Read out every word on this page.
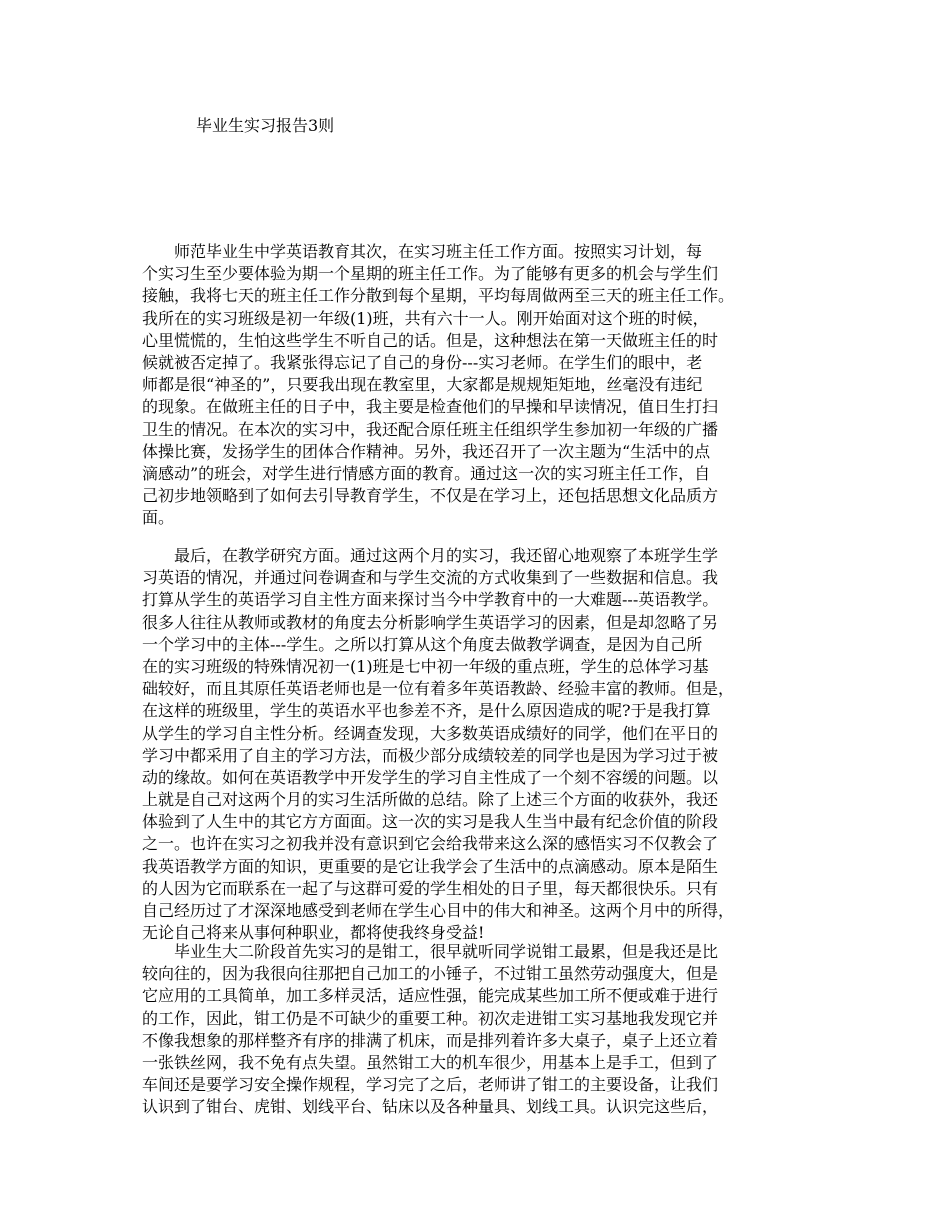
毕业生实习报告3则
　　师范毕业生中学英语教育其次，在实习班主任工作方面。按照实习计划，每
个实习生至少要体验为期一个星期的班主任工作。为了能够有更多的机会与学生们
接触，我将七天的班主任工作分散到每个星期，平均每周做两至三天的班主任工作。
我所在的实习班级是初一年级(1)班，共有六十一人。刚开始面对这个班的时候，
心里慌慌的，生怕这些学生不听自己的话。但是，这种想法在第一天做班主任的时
候就被否定掉了。我紧张得忘记了自己的身份---实习老师。在学生们的眼中，老
师都是很“神圣的”，只要我出现在教室里，大家都是规规矩矩地，丝毫没有违纪
的现象。在做班主任的日子中，我主要是检查他们的早操和早读情况，值日生打扫
卫生的情况。在本次的实习中，我还配合原任班主任组织学生参加初一年级的广播
体操比赛，发扬学生的团体合作精神。另外，我还召开了一次主题为“生活中的点
滴感动”的班会，对学生进行情感方面的教育。通过这一次的实习班主任工作，自
己初步地领略到了如何去引导教育学生，不仅是在学习上，还包括思想文化品质方
面。
　　最后，在教学研究方面。通过这两个月的实习，我还留心地观察了本班学生学
习英语的情况，并通过问卷调查和与学生交流的方式收集到了一些数据和信息。我
打算从学生的英语学习自主性方面来探讨当今中学教育中的一大难题---英语教学。
很多人往往从教师或教材的角度去分析影响学生英语学习的因素，但是却忽略了另
一个学习中的主体---学生。之所以打算从这个角度去做教学调查，是因为自己所
在的实习班级的特殊情况初一(1)班是七中初一年级的重点班，学生的总体学习基
础较好，而且其原任英语老师也是一位有着多年英语教龄、经验丰富的教师。但是，
在这样的班级里，学生的英语水平也参差不齐，是什么原因造成的呢?于是我打算
从学生的学习自主性分析。经调查发现，大多数英语成绩好的同学，他们在平日的
学习中都采用了自主的学习方法，而极少部分成绩较差的同学也是因为学习过于被
动的缘故。如何在英语教学中开发学生的学习自主性成了一个刻不容缓的问题。以
上就是自己对这两个月的实习生活所做的总结。除了上述三个方面的收获外，我还
体验到了人生中的其它方方面面。这一次的实习是我人生当中最有纪念价值的阶段
之一。也许在实习之初我并没有意识到它会给我带来这么深的感悟实习不仅教会了
我英语教学方面的知识，更重要的是它让我学会了生活中的点滴感动。原本是陌生
的人因为它而联系在一起了与这群可爱的学生相处的日子里，每天都很快乐。只有
自己经历过了才深深地感受到老师在学生心目中的伟大和神圣。这两个月中的所得，
无论自己将来从事何种职业，都将使我终身受益!
　　毕业生大二阶段首先实习的是钳工，很早就听同学说钳工最累，但是我还是比
较向往的，因为我很向往那把自己加工的小锤子，不过钳工虽然劳动强度大，但是
它应用的工具简单，加工多样灵活，适应性强，能完成某些加工所不便或难于进行
的工作，因此，钳工仍是不可缺少的重要工种。初次走进钳工实习基地我发现它并
不像我想象的那样整齐有序的排满了机床，而是排列着许多大桌子，桌子上还立着
一张铁丝网，我不免有点失望。虽然钳工大的机车很少，用基本上是手工，但到了
车间还是要学习安全操作规程，学习完了之后，老师讲了钳工的主要设备，让我们
认识到了钳台、虎钳、划线平台、钻床以及各种量具、划线工具。认识完这些后，
